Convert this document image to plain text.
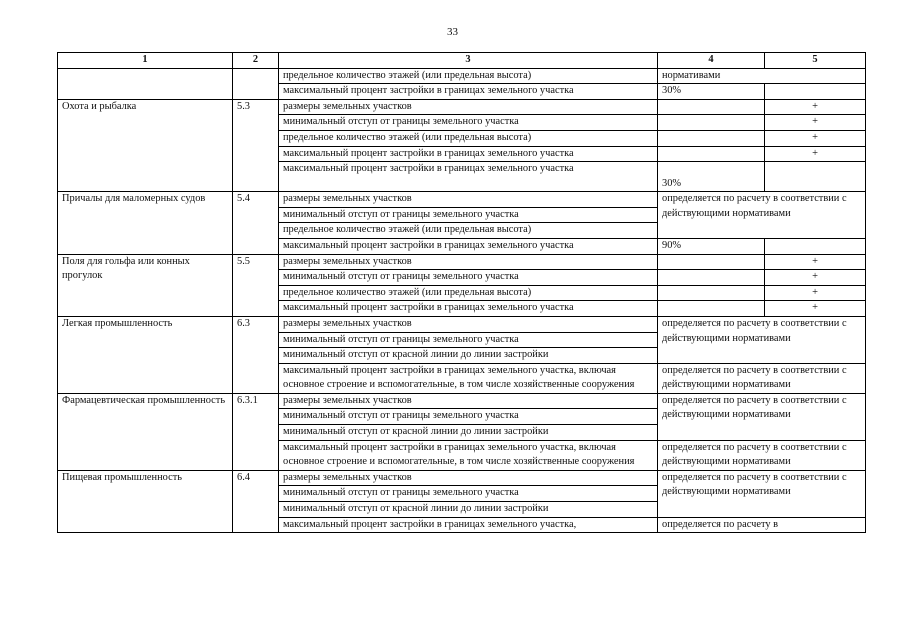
33
1	2	3	4	5
		предельное количество этажей (или предельная высота)	нормативами	
		максимальный процент застройки в границах земельного участка	30%	
Охота и рыбалка	5.3	размеры земельных участков		+
		минимальный отступ от границы земельного участка		+
		предельное количество этажей (или предельная высота)		+
		максимальный процент застройки в границах земельного участка		+
		максимальный процент застройки в границах земельного участка	30%	
Причалы для маломерных судов	5.4	размеры земельных участков	определяется по расчету в соответствии с действующими нормативами	
		минимальный отступ от границы земельного участка		
		предельное количество этажей (или предельная высота)		
		максимальный процент застройки в границах земельного участка	90%	
Поля для гольфа или конных прогулок	5.5	размеры земельных участков		+
		минимальный отступ от границы земельного участка		+
		предельное количество этажей (или предельная высота)		+
		максимальный процент застройки в границах земельного участка		+
Легкая промышленность	6.3	размеры земельных участков	определяется по расчету в соответствии с действующими нормативами	
		минимальный отступ от границы земельного участка		
		минимальный отступ от красной линии до линии застройки		
		максимальный процент застройки в границах земельного участка, включая основное строение и вспомогательные, в том числе хозяйственные сооружения	определяется по расчету в соответствии с действующими нормативами	
Фармацевтическая промышленность	6.3.1	размеры земельных участков	определяется по расчету в соответствии с действующими нормативами	
		минимальный отступ от границы земельного участка		
		минимальный отступ от красной линии до линии застройки		
		максимальный процент застройки в границах земельного участка, включая основное строение и вспомогательные, в том числе хозяйственные сооружения	определяется по расчету в соответствии с действующими нормативами	
Пищевая промышленность	6.4	размеры земельных участков	определяется по расчету в соответствии с действующими нормативами	
		минимальный отступ от границы земельного участка		
		минимальный отступ от красной линии до линии застройки		
		максимальный процент застройки в границах земельного участка,	определяется по расчету в	
